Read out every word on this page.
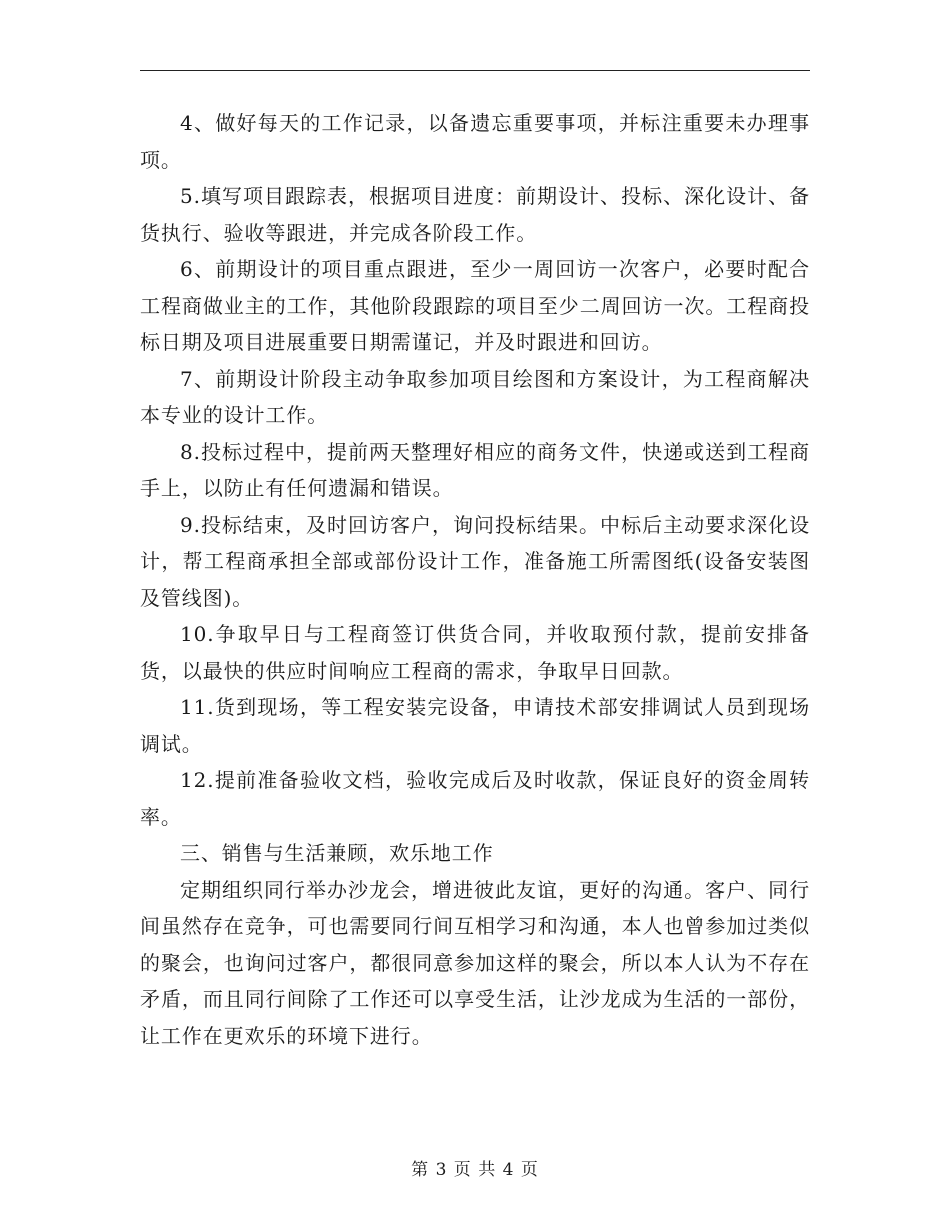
4、做好每天的工作记录，以备遗忘重要事项，并标注重要未办理事项。

5.填写项目跟踪表，根据项目进度：前期设计、投标、深化设计、备货执行、验收等跟进，并完成各阶段工作。

6、前期设计的项目重点跟进，至少一周回访一次客户，必要时配合工程商做业主的工作，其他阶段跟踪的项目至少二周回访一次。工程商投标日期及项目进展重要日期需谨记，并及时跟进和回访。

7、前期设计阶段主动争取参加项目绘图和方案设计，为工程商解决本专业的设计工作。

8.投标过程中，提前两天整理好相应的商务文件，快递或送到工程商手上，以防止有任何遗漏和错误。

9.投标结束，及时回访客户，询问投标结果。中标后主动要求深化设计，帮工程商承担全部或部份设计工作，准备施工所需图纸(设备安装图及管线图)。

10.争取早日与工程商签订供货合同，并收取预付款，提前安排备货，以最快的供应时间响应工程商的需求，争取早日回款。

11.货到现场，等工程安装完设备，申请技术部安排调试人员到现场调试。

12.提前准备验收文档，验收完成后及时收款，保证良好的资金周转率。

三、销售与生活兼顾，欢乐地工作

定期组织同行举办沙龙会，增进彼此友谊，更好的沟通。客户、同行间虽然存在竞争，可也需要同行间互相学习和沟通，本人也曾参加过类似的聚会，也询问过客户，都很同意参加这样的聚会，所以本人认为不存在矛盾，而且同行间除了工作还可以享受生活，让沙龙成为生活的一部份，让工作在更欢乐的环境下进行。

第 3 页 共 4 页
